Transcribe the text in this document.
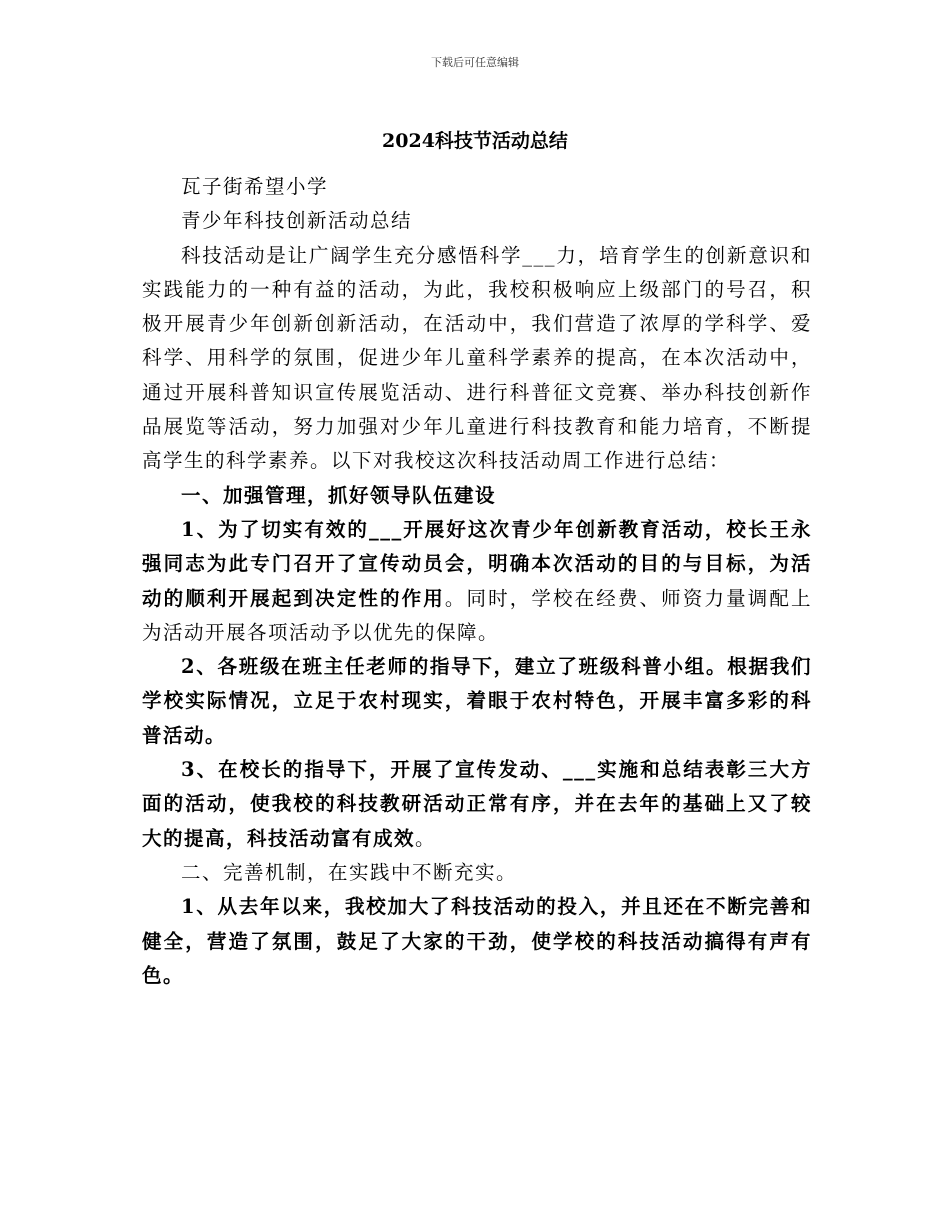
下载后可任意编辑
2024科技节活动总结

瓦子街希望小学

青少年科技创新活动总结

科技活动是让广阔学生充分感悟科学___力，培育学生的创新意识和实践能力的一种有益的活动，为此，我校积极响应上级部门的号召，积极开展青少年创新创新活动，在活动中，我们营造了浓厚的学科学、爱科学、用科学的氛围，促进少年儿童科学素养的提高，在本次活动中，通过开展科普知识宣传展览活动、进行科普征文竞赛、举办科技创新作品展览等活动，努力加强对少年儿童进行科技教育和能力培育，不断提高学生的科学素养。以下对我校这次科技活动周工作进行总结：

一、加强管理，抓好领导队伍建设

1、为了切实有效的___开展好这次青少年创新教育活动，校长王永强同志为此专门召开了宣传动员会，明确本次活动的目的与目标，为活动的顺利开展起到决定性的作用。同时，学校在经费、师资力量调配上为活动开展各项活动予以优先的保障。

2、各班级在班主任老师的指导下，建立了班级科普小组。根据我们学校实际情况，立足于农村现实，着眼于农村特色，开展丰富多彩的科普活动。

3、在校长的指导下，开展了宣传发动、___实施和总结表彰三大方面的活动，使我校的科技教研活动正常有序，并在去年的基础上又了较大的提高，科技活动富有成效。

二、完善机制，在实践中不断充实。

1、从去年以来，我校加大了科技活动的投入，并且还在不断完善和健全，营造了氛围，鼓足了大家的干劲，使学校的科技活动搞得有声有色。
